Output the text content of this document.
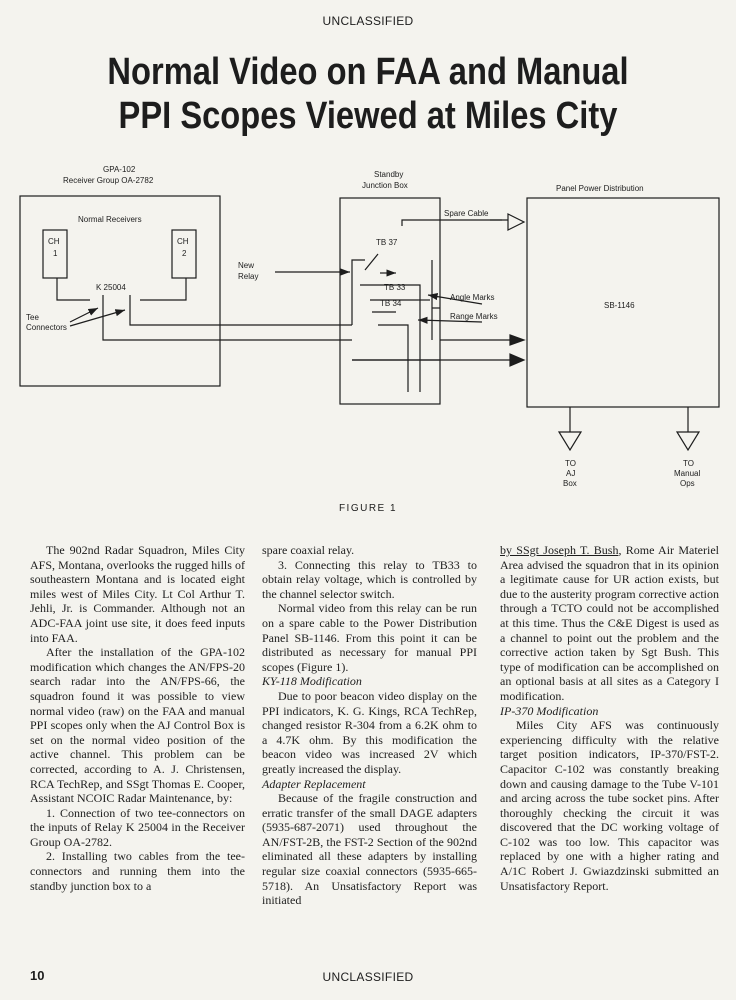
UNCLASSIFIED
Normal Video on FAA and Manual
PPI Scopes Viewed at Miles City
GPA-102
Receiver Group OA-2782
Normal Receivers
CH
1
CH
2
K 25004
Tee
Connectors
New
Relay
Standby
Junction Box
TB 37
TB 33
TB 34
Spare Cable
Angle Marks
Range Marks
Panel Power Distribution
SB-1146
TO
AJ
Box
TO
Manual
Ops
FIGURE 1

The 902nd Radar Squadron, Miles City AFS, Montana, overlooks the rugged hills of southeastern Montana and is located eight miles west of Miles City. Lt Col Arthur T. Jehli, Jr. is Commander. Although not an ADC-FAA joint use site, it does feed inputs into FAA.

After the installation of the GPA-102 modification which changes the AN/FPS-20 search radar into the AN/FPS-66, the squadron found it was possible to view normal video (raw) on the FAA and manual PPI scopes only when the AJ Control Box is set on the normal video position of the active channel. This problem can be corrected, according to A. J. Christensen, RCA TechRep, and SSgt Thomas E. Cooper, Assistant NCOIC Radar Maintenance, by:

1. Connection of two tee-connectors on the inputs of Relay K 25004 in the Receiver Group OA-2782.

2. Installing two cables from the tee-connectors and running them into the standby junction box to a

spare coaxial relay.

3. Connecting this relay to TB33 to obtain relay voltage, which is controlled by the channel selector switch.

Normal video from this relay can be run on a spare cable to the Power Distribution Panel SB-1146. From this point it can be distributed as necessary for manual PPI scopes (Figure 1).

KY-118 Modification

Due to poor beacon video display on the PPI indicators, K. G. Kings, RCA TechRep, changed resistor R-304 from a 6.2K ohm to a 4.7K ohm. By this modification the beacon video was increased 2V which greatly increased the display.

Adapter Replacement

Because of the fragile construction and erratic transfer of the small DAGE adapters (5935-687-2071) used throughout the AN/FST-2B, the FST-2 Section of the 902nd eliminated all these adapters by installing regular size coaxial connectors (5935-665-5718). An Unsatisfactory Report was initiated

by SSgt Joseph T. Bush, Rome Air Materiel Area advised the squadron that in its opinion a legitimate cause for UR action exists, but due to the austerity program corrective action through a TCTO could not be accomplished at this time. Thus the C&E Digest is used as a channel to point out the problem and the corrective action taken by Sgt Bush. This type of modification can be accomplished on an optional basis at all sites as a Category I modification.

IP-370 Modification

Miles City AFS was continuously experiencing difficulty with the relative target position indicators, IP-370/FST-2. Capacitor C-102 was constantly breaking down and causing damage to the Tube V-101 and arcing across the tube socket pins. After thoroughly checking the circuit it was discovered that the DC working voltage of C-102 was too low. This capacitor was replaced by one with a higher rating and A/1C Robert J. Gwiazdzinski submitted an Unsatisfactory Report.

10	UNCLASSIFIED
